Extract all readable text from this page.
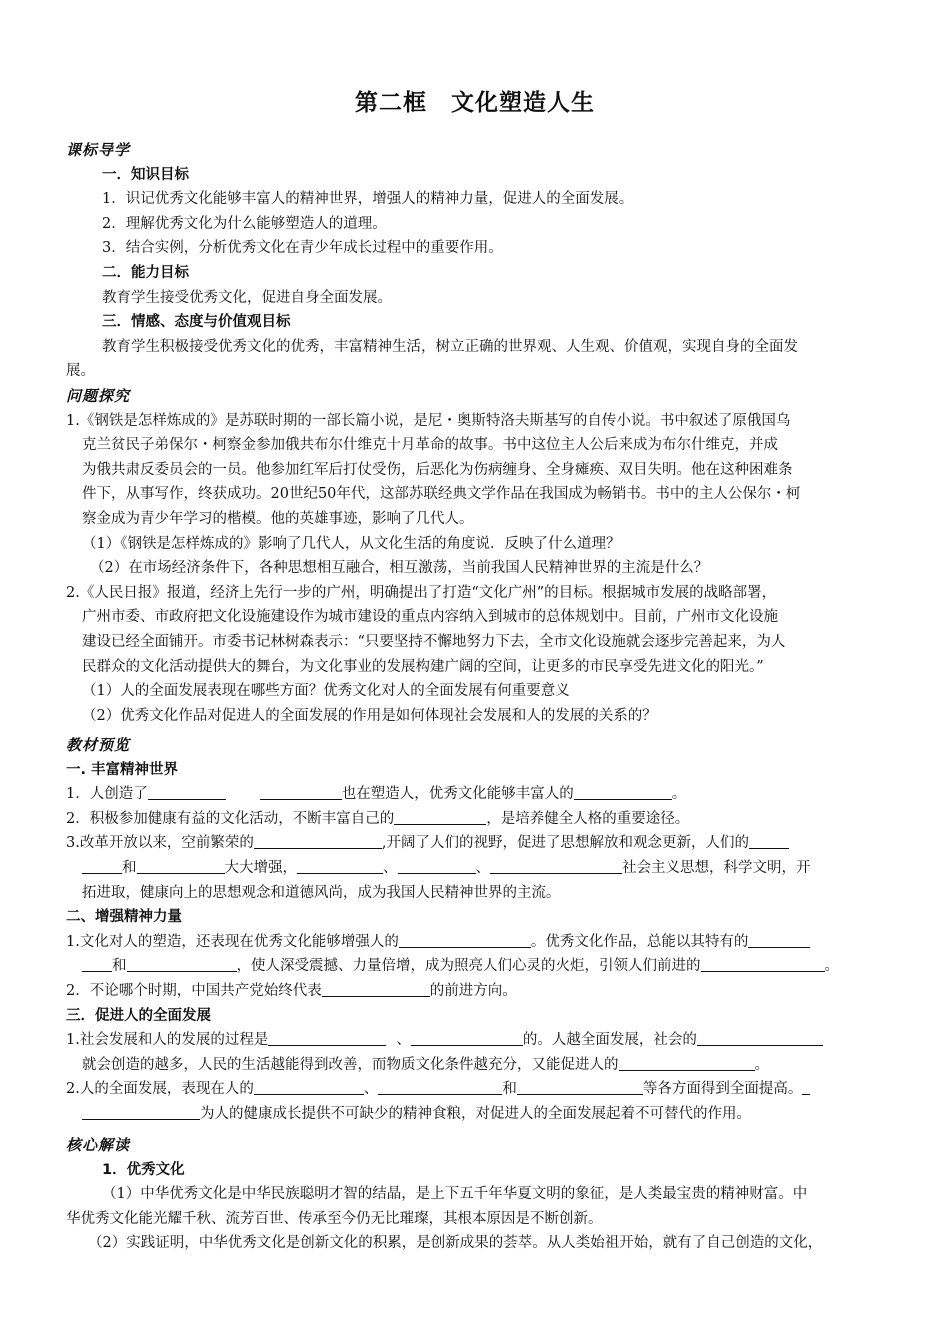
第二框　文化塑造人生
课标导学
一．知识目标
1．识记优秀文化能够丰富人的精神世界，增强人的精神力量，促进人的全面发展。
2．理解优秀文化为什么能够塑造人的道理。
3．结合实例，分析优秀文化在青少年成长过程中的重要作用。
二．能力目标
教育学生接受优秀文化，促进自身全面发展。
三．情感、态度与价值观目标
教育学生积极接受优秀文化的优秀，丰富精神生活，树立正确的世界观、人生观、价值观，实现自身的全面发
展。
问题探究
1.《钢铁是怎样炼成的》是苏联时期的一部长篇小说，是尼・奥斯特洛夫斯基写的自传小说。书中叙述了原俄国乌
克兰贫民子弟保尔・柯察金参加俄共布尔什维克十月革命的故事。书中这位主人公后来成为布尔什维克，并成
为俄共肃反委员会的一员。他参加红军后打仗受伤，后恶化为伤病缠身、全身瘫痪、双目失明。他在这种困难条
件下，从事写作，终获成功。20世纪50年代，这部苏联经典文学作品在我国成为畅销书。书中的主人公保尔・柯
察金成为青少年学习的楷模。他的英雄事迹，影响了几代人。
（1）《钢铁是怎样炼成的》影响了几代人，从文化生活的角度说．反映了什么道理？
（2）在市场经济条件下，各种思想相互融合，相互激荡，当前我国人民精神世界的主流是什么？
2.《人民日报》报道，经济上先行一步的广州，明确提出了打造“文化广州”的目标。根据城市发展的战略部署，
广州市委、市政府把文化设施建设作为城市建设的重点内容纳入到城市的总体规划中。目前，广州市文化设施
建设已经全面铺开。市委书记林树森表示：“只要坚持不懈地努力下去，全市文化设施就会逐步完善起来，为人
民群众的文化活动提供大的舞台，为文化事业的发展构建广阔的空间，让更多的市民享受先进文化的阳光。”
（1）人的全面发展表现在哪些方面？优秀文化对人的全面发展有何重要意义
（2）优秀文化作品对促进人的全面发展的作用是如何体现社会发展和人的发展的关系的？
教材预览
一. 丰富精神世界
1．人创造了	也在塑造人，优秀文化能够丰富人的	。
2．积极参加健康有益的文化活动，不断丰富自己的	，是培养健全人格的重要途径。
3.改革开放以来，空前繁荣的	,开阔了人们的视野，促进了思想解放和观念更新，人们的
和	大大增强，	、	、	社会主义思想，科学文明，开
拓进取，健康向上的思想观念和道德风尚，成为我国人民精神世界的主流。
二、增强精神力量
1.文化对人的塑造，还表现在优秀文化能够增强人的	。优秀文化作品，总能以其特有的
和	，使人深受震撼、力量倍增，成为照亮人们心灵的火炬，引领人们前进的	。
2．不论哪个时期，中国共产党始终代表	的前进方向。
三．促进人的全面发展
1.社会发展和人的发展的过程是	、	的。人越全面发展，社会的
就会创造的越多，人民的生活越能得到改善，而物质文化条件越充分，又能促进人的	。
2.人的全面发展，表现在人的	、	和	等各方面得到全面提高。
为人的健康成长提供不可缺少的精神食粮，对促进人的全面发展起着不可替代的作用。
核心解读
1．优秀文化
（1）中华优秀文化是中华民族聪明才智的结晶，是上下五千年华夏文明的象征，是人类最宝贵的精神财富。中
华优秀文化能光耀千秋、流芳百世、传承至今仍无比璀璨，其根本原因是不断创新。
（2）实践证明，中华优秀文化是创新文化的积累，是创新成果的荟萃。从人类始祖开始，就有了自己创造的文化，
